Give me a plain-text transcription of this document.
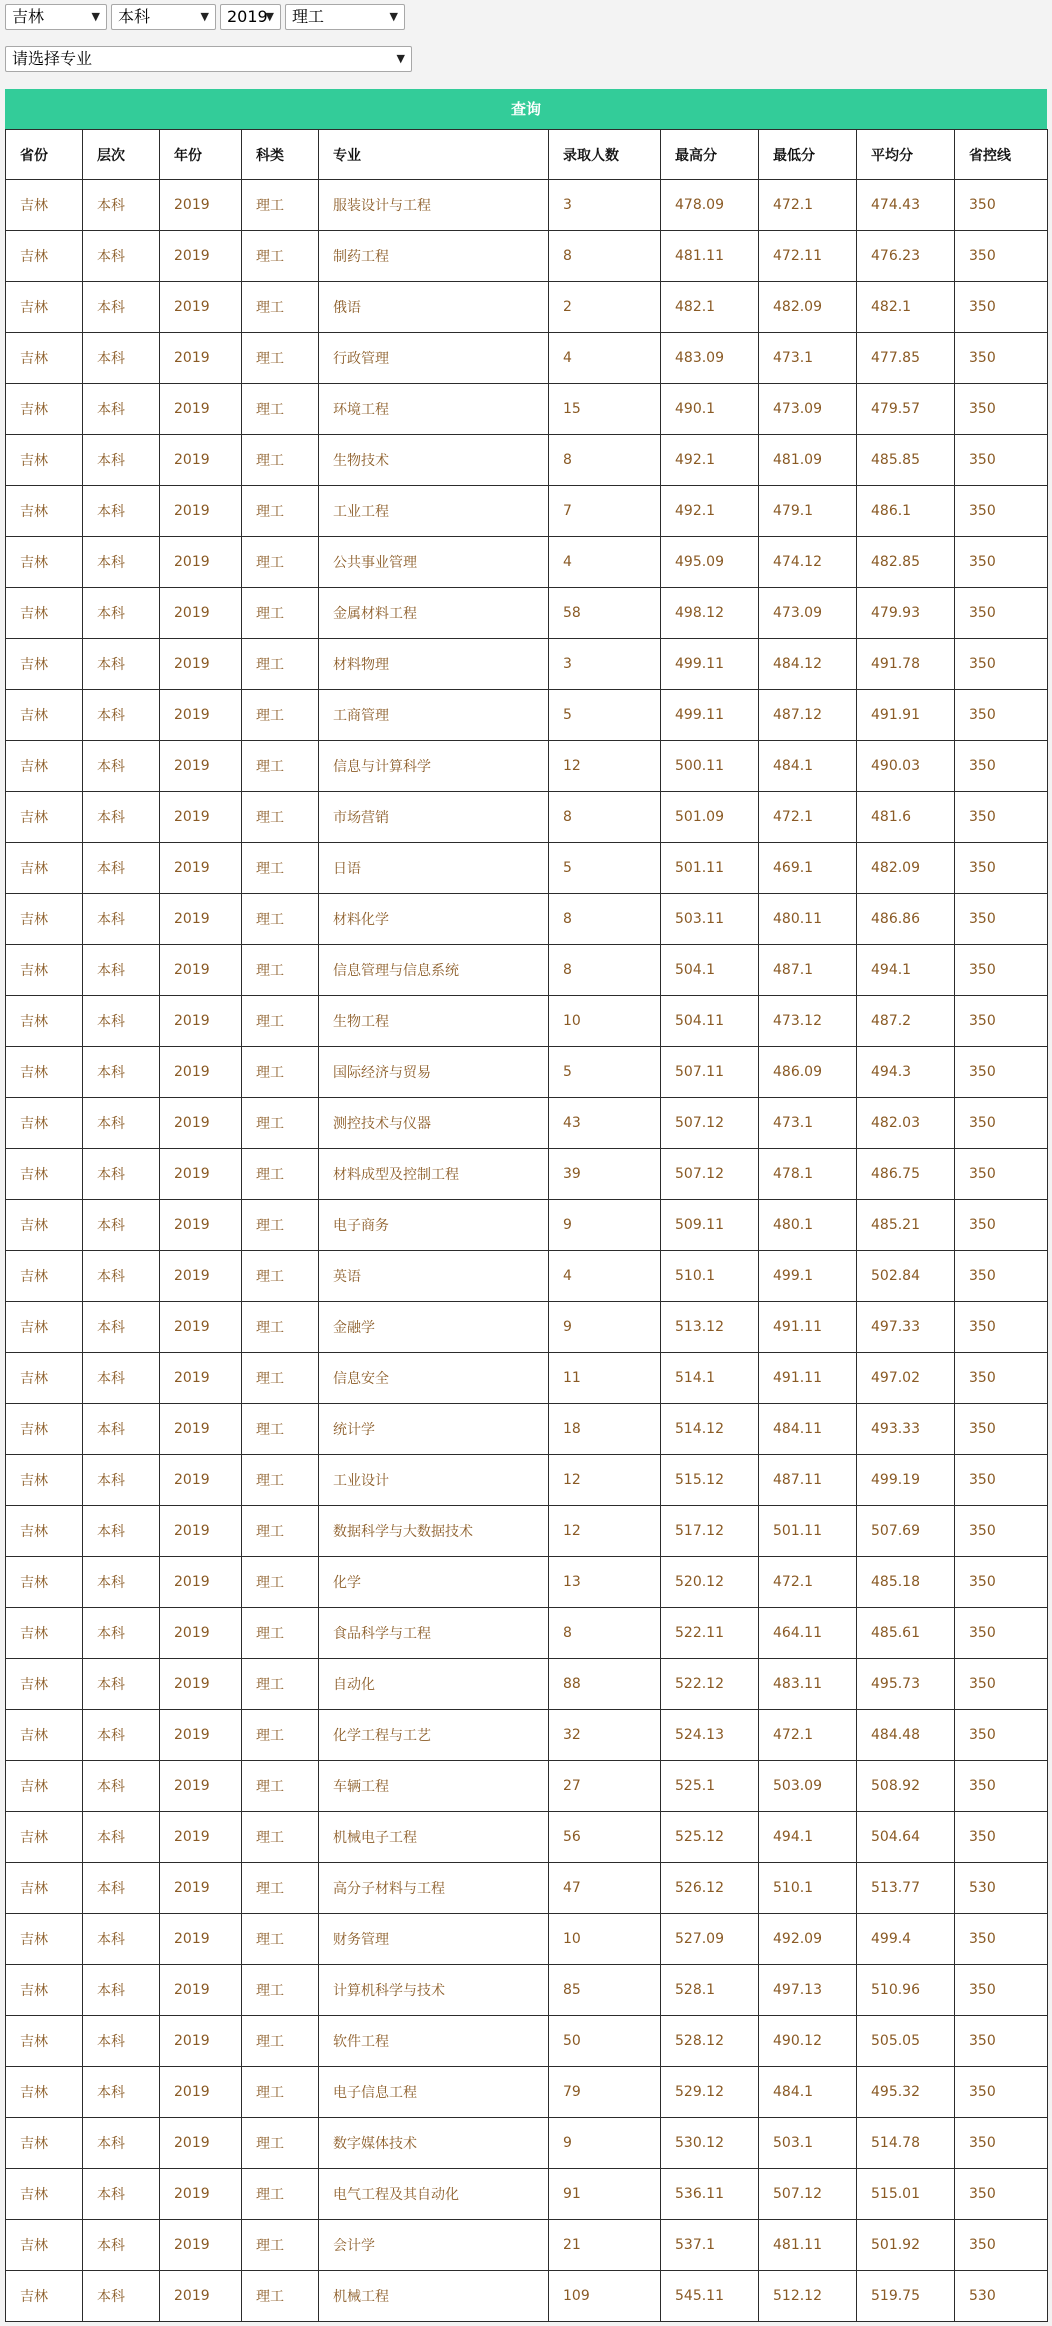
吉林	▼	本科	▼	2019
▼	理工	▼
请选择专业	▼
查询
省份	层次	年份	科类	专业	录取人数	最高分	最低分	平均分	省控线
吉林	本科	2019	理工	服装设计与工程	3	478.09	472.1	474.43	350
吉林	本科	2019	理工	制药工程	8	481.11	472.11	476.23	350
吉林	本科	2019	理工	俄语	2	482.1	482.09	482.1	350
吉林	本科	2019	理工	行政管理	4	483.09	473.1	477.85	350
吉林	本科	2019	理工	环境工程	15	490.1	473.09	479.57	350
吉林	本科	2019	理工	生物技术	8	492.1	481.09	485.85	350
吉林	本科	2019	理工	工业工程	7	492.1	479.1	486.1	350
吉林	本科	2019	理工	公共事业管理	4	495.09	474.12	482.85	350
吉林	本科	2019	理工	金属材料工程	58	498.12	473.09	479.93	350
吉林	本科	2019	理工	材料物理	3	499.11	484.12	491.78	350
吉林	本科	2019	理工	工商管理	5	499.11	487.12	491.91	350
吉林	本科	2019	理工	信息与计算科学	12	500.11	484.1	490.03	350
吉林	本科	2019	理工	市场营销	8	501.09	472.1	481.6	350
吉林	本科	2019	理工	日语	5	501.11	469.1	482.09	350
吉林	本科	2019	理工	材料化学	8	503.11	480.11	486.86	350
吉林	本科	2019	理工	信息管理与信息系统	8	504.1	487.1	494.1	350
吉林	本科	2019	理工	生物工程	10	504.11	473.12	487.2	350
吉林	本科	2019	理工	国际经济与贸易	5	507.11	486.09	494.3	350
吉林	本科	2019	理工	测控技术与仪器	43	507.12	473.1	482.03	350
吉林	本科	2019	理工	材料成型及控制工程	39	507.12	478.1	486.75	350
吉林	本科	2019	理工	电子商务	9	509.11	480.1	485.21	350
吉林	本科	2019	理工	英语	4	510.1	499.1	502.84	350
吉林	本科	2019	理工	金融学	9	513.12	491.11	497.33	350
吉林	本科	2019	理工	信息安全	11	514.1	491.11	497.02	350
吉林	本科	2019	理工	统计学	18	514.12	484.11	493.33	350
吉林	本科	2019	理工	工业设计	12	515.12	487.11	499.19	350
吉林	本科	2019	理工	数据科学与大数据技术	12	517.12	501.11	507.69	350
吉林	本科	2019	理工	化学	13	520.12	472.1	485.18	350
吉林	本科	2019	理工	食品科学与工程	8	522.11	464.11	485.61	350
吉林	本科	2019	理工	自动化	88	522.12	483.11	495.73	350
吉林	本科	2019	理工	化学工程与工艺	32	524.13	472.1	484.48	350
吉林	本科	2019	理工	车辆工程	27	525.1	503.09	508.92	350
吉林	本科	2019	理工	机械电子工程	56	525.12	494.1	504.64	350
吉林	本科	2019	理工	高分子材料与工程	47	526.12	510.1	513.77	530
吉林	本科	2019	理工	财务管理	10	527.09	492.09	499.4	350
吉林	本科	2019	理工	计算机科学与技术	85	528.1	497.13	510.96	350
吉林	本科	2019	理工	软件工程	50	528.12	490.12	505.05	350
吉林	本科	2019	理工	电子信息工程	79	529.12	484.1	495.32	350
吉林	本科	2019	理工	数字媒体技术	9	530.12	503.1	514.78	350
吉林	本科	2019	理工	电气工程及其自动化	91	536.11	507.12	515.01	350
吉林	本科	2019	理工	会计学	21	537.1	481.11	501.92	350
吉林	本科	2019	理工	机械工程	109	545.11	512.12	519.75	530
